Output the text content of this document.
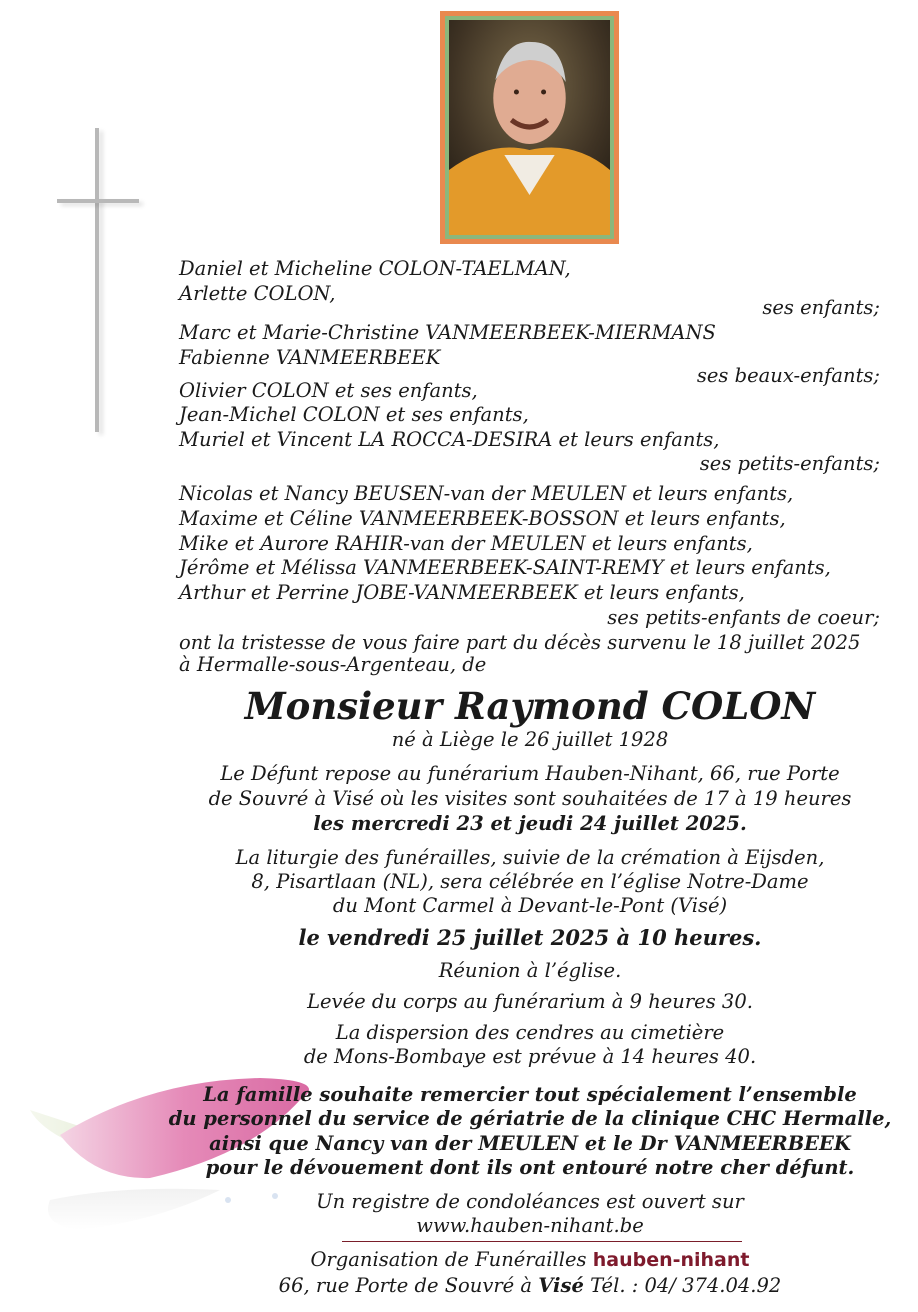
Daniel et Micheline COLON-TAELMAN,
Arlette COLON,
ses enfants;
Marc et Marie-Christine VANMEERBEEK-MIERMANS
Fabienne VANMEERBEEK
ses beaux-enfants;
Olivier COLON et ses enfants,
Jean-Michel COLON et ses enfants,
Muriel et Vincent LA ROCCA-DESIRA et leurs enfants,
ses petits-enfants;
Nicolas et Nancy BEUSEN-van der MEULEN et leurs enfants,
Maxime et Céline VANMEERBEEK-BOSSON et leurs enfants,
Mike et Aurore RAHIR-van der MEULEN et leurs enfants,
Jérôme et Mélissa VANMEERBEEK-SAINT-REMY et leurs enfants,
Arthur et Perrine JOBE-VANMEERBEEK et leurs enfants,
ses petits-enfants de coeur;
ont la tristesse de vous faire part du décès survenu le 18 juillet 2025
à Hermalle-sous-Argenteau, de
Monsieur Raymond COLON
né à Liège le 26 juillet 1928
Le Défunt repose au funérarium Hauben-Nihant, 66, rue Porte
de Souvré à Visé où les visites sont souhaitées de 17 à 19 heures
les mercredi 23 et jeudi 24 juillet 2025.
La liturgie des funérailles, suivie de la crémation à Eijsden,
8, Pisartlaan (NL), sera célébrée en l’église Notre-Dame
du Mont Carmel à Devant-le-Pont (Visé)
le vendredi 25 juillet 2025 à 10 heures.
Réunion à l’église.
Levée du corps au funérarium à 9 heures 30.
La dispersion des cendres au cimetière
de Mons-Bombaye est prévue à 14 heures 40.
La famille souhaite remercier tout spécialement l’ensemble
du personnel du service de gériatrie de la clinique CHC Hermalle,
ainsi que Nancy van der MEULEN et le Dr VANMEERBEEK
pour le dévouement dont ils ont entouré notre cher défunt.
Un registre de condoléances est ouvert sur
www.hauben-nihant.be
Organisation de Funérailles hauben-nihant
66, rue Porte de Souvré à Visé Tél. : 04/ 374.04.92
